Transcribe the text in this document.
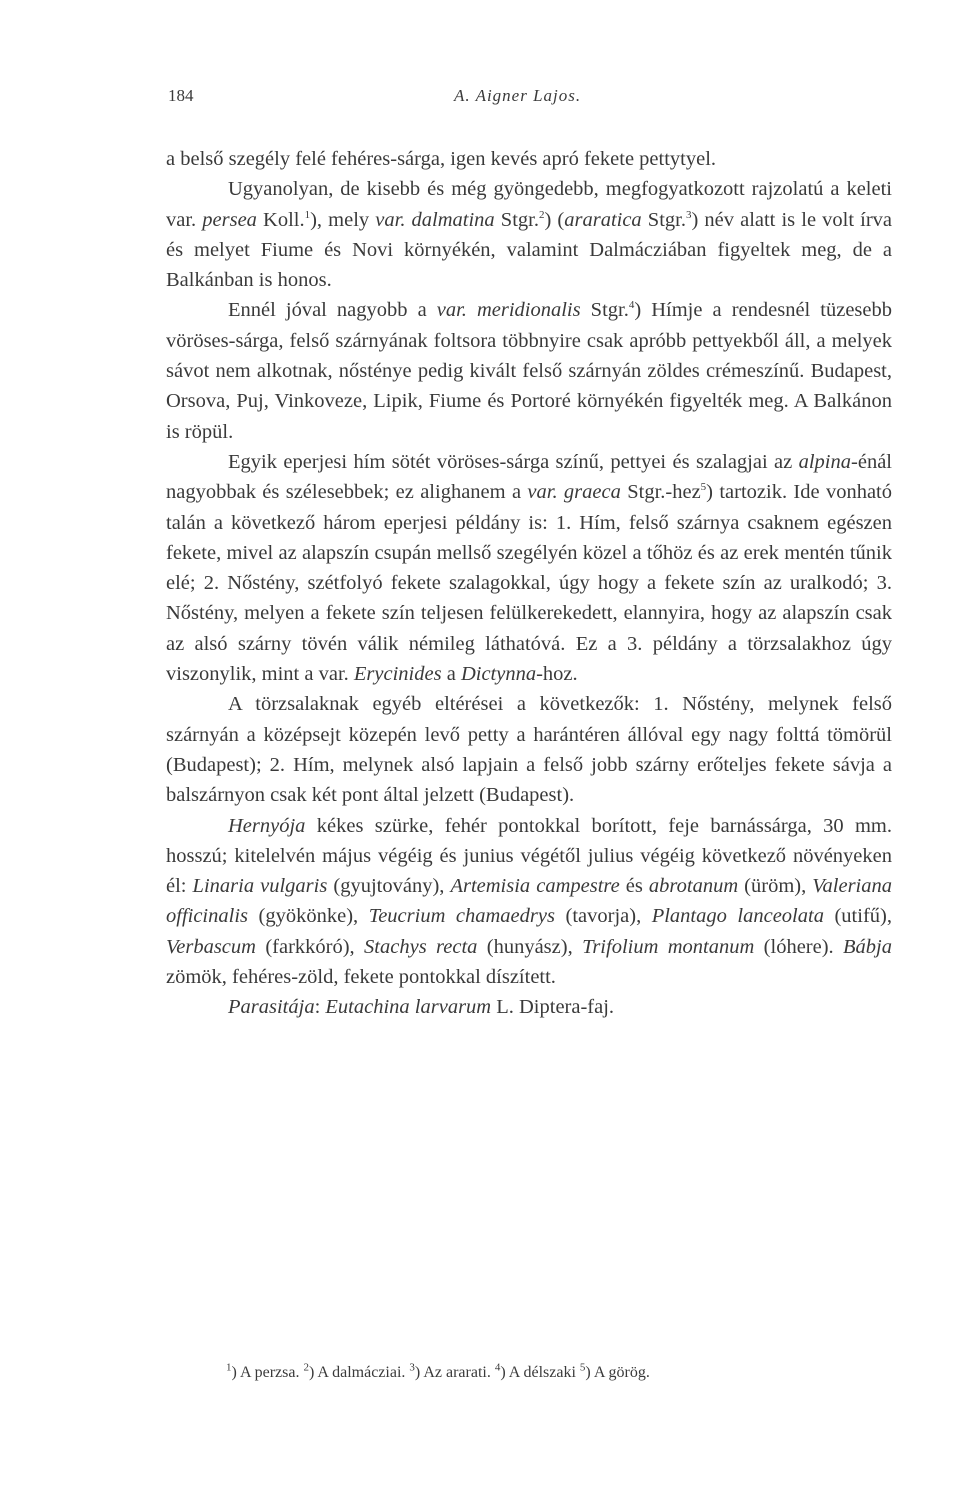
184	A. Aigner Lajos.

a belső szegély felé fehéres-sárga, igen kevés apró fekete pettytyel.

Ugyanolyan, de kisebb és még gyöngedebb, megfogyatkozott rajzolatú a keleti var. persea Koll.$^1$), mely var. dalmatina Stgr.$^2$) (araratica Stgr.$^3$) név alatt is le volt írva és melyet Fiume és Novi környékén, valamint Dalmácziában figyeltek meg, de a Balkánban is honos.

Ennél jóval nagyobb a var. meridionalis Stgr.$^4$) Hímje a rendesnél tüzesebb vöröses-sárga, felső szárnyának foltsora többnyire csak apróbb pettyekből áll, a melyek sávot nem alkotnak, nőstényе pedig kivált felső szárnyán zöldes crémeszínű. Budapest, Orsova, Puj, Vinkoveze, Lipik, Fiume és Portoré környékén figyelték meg. A Balkánon is röpül.

Egyik eperjesi hím sötét vöröses-sárga színű, pettyei és szalagjai az alpina-énál nagyobbak és szélesebbek; ez alighanem a var. graeca Stgr.-hez$^5$) tartozik. Ide vonható talán a következő három eperjesi példány is: 1. Hím, felső szárnya csaknem egészen fekete, mivel az alapszín csupán mellső szegélyén közel a tőhöz és az erek mentén tűnik elé; 2. Nőstény, szétfolyó fekete szalagokkal, úgy hogy a fekete szín az uralkodó; 3. Nőstény, melyen a fekete szín teljesen felülkerekedett, elannyira, hogy az alapszín csak az alsó szárny tövén válik némileg láthatóvá. Ez a 3. példány a törzsalakhoz úgy viszonylik, mint a var. Erycinides a Dictynna-hoz.

A törzsalaknak egyéb eltérései a következők: 1. Nőstény, melynek felső szárnyán a középsejt közepén levő petty a harántéren állóval egy nagy folttá tömörül (Budapest); 2. Hím, melynek alsó lapjain a felső jobb szárny erőteljes fekete sávja a balszárnyon csak két pont által jelzett (Budapest).

Hernyója kékes szürke, fehér pontokkal borított, feje barnássárga, 30 mm. hosszú; kitelelvén május végéig és junius végétől julius végéig következő növényeken él: Linaria vulgaris (gyujtovány), Artemisia campestre és abrotanum (üröm), Valeriana officinalis (gyökönke), Teucrium chamaedrys (tavorja), Plantago lanceolata (utifű), Verbascum (farkkóró), Stachys recta (hunyász), Trifolium montanum (lóhere). Bábja zömök, fehéres-zöld, fekete pontokkal díszített.

Parasitája: Eutachina larvarum L. Diptera-faj.

$^1$) A perzsa. $^2$) A dalmácziai. $^3$) Az ararati. $^4$) A délszaki $^5$) A görög.
